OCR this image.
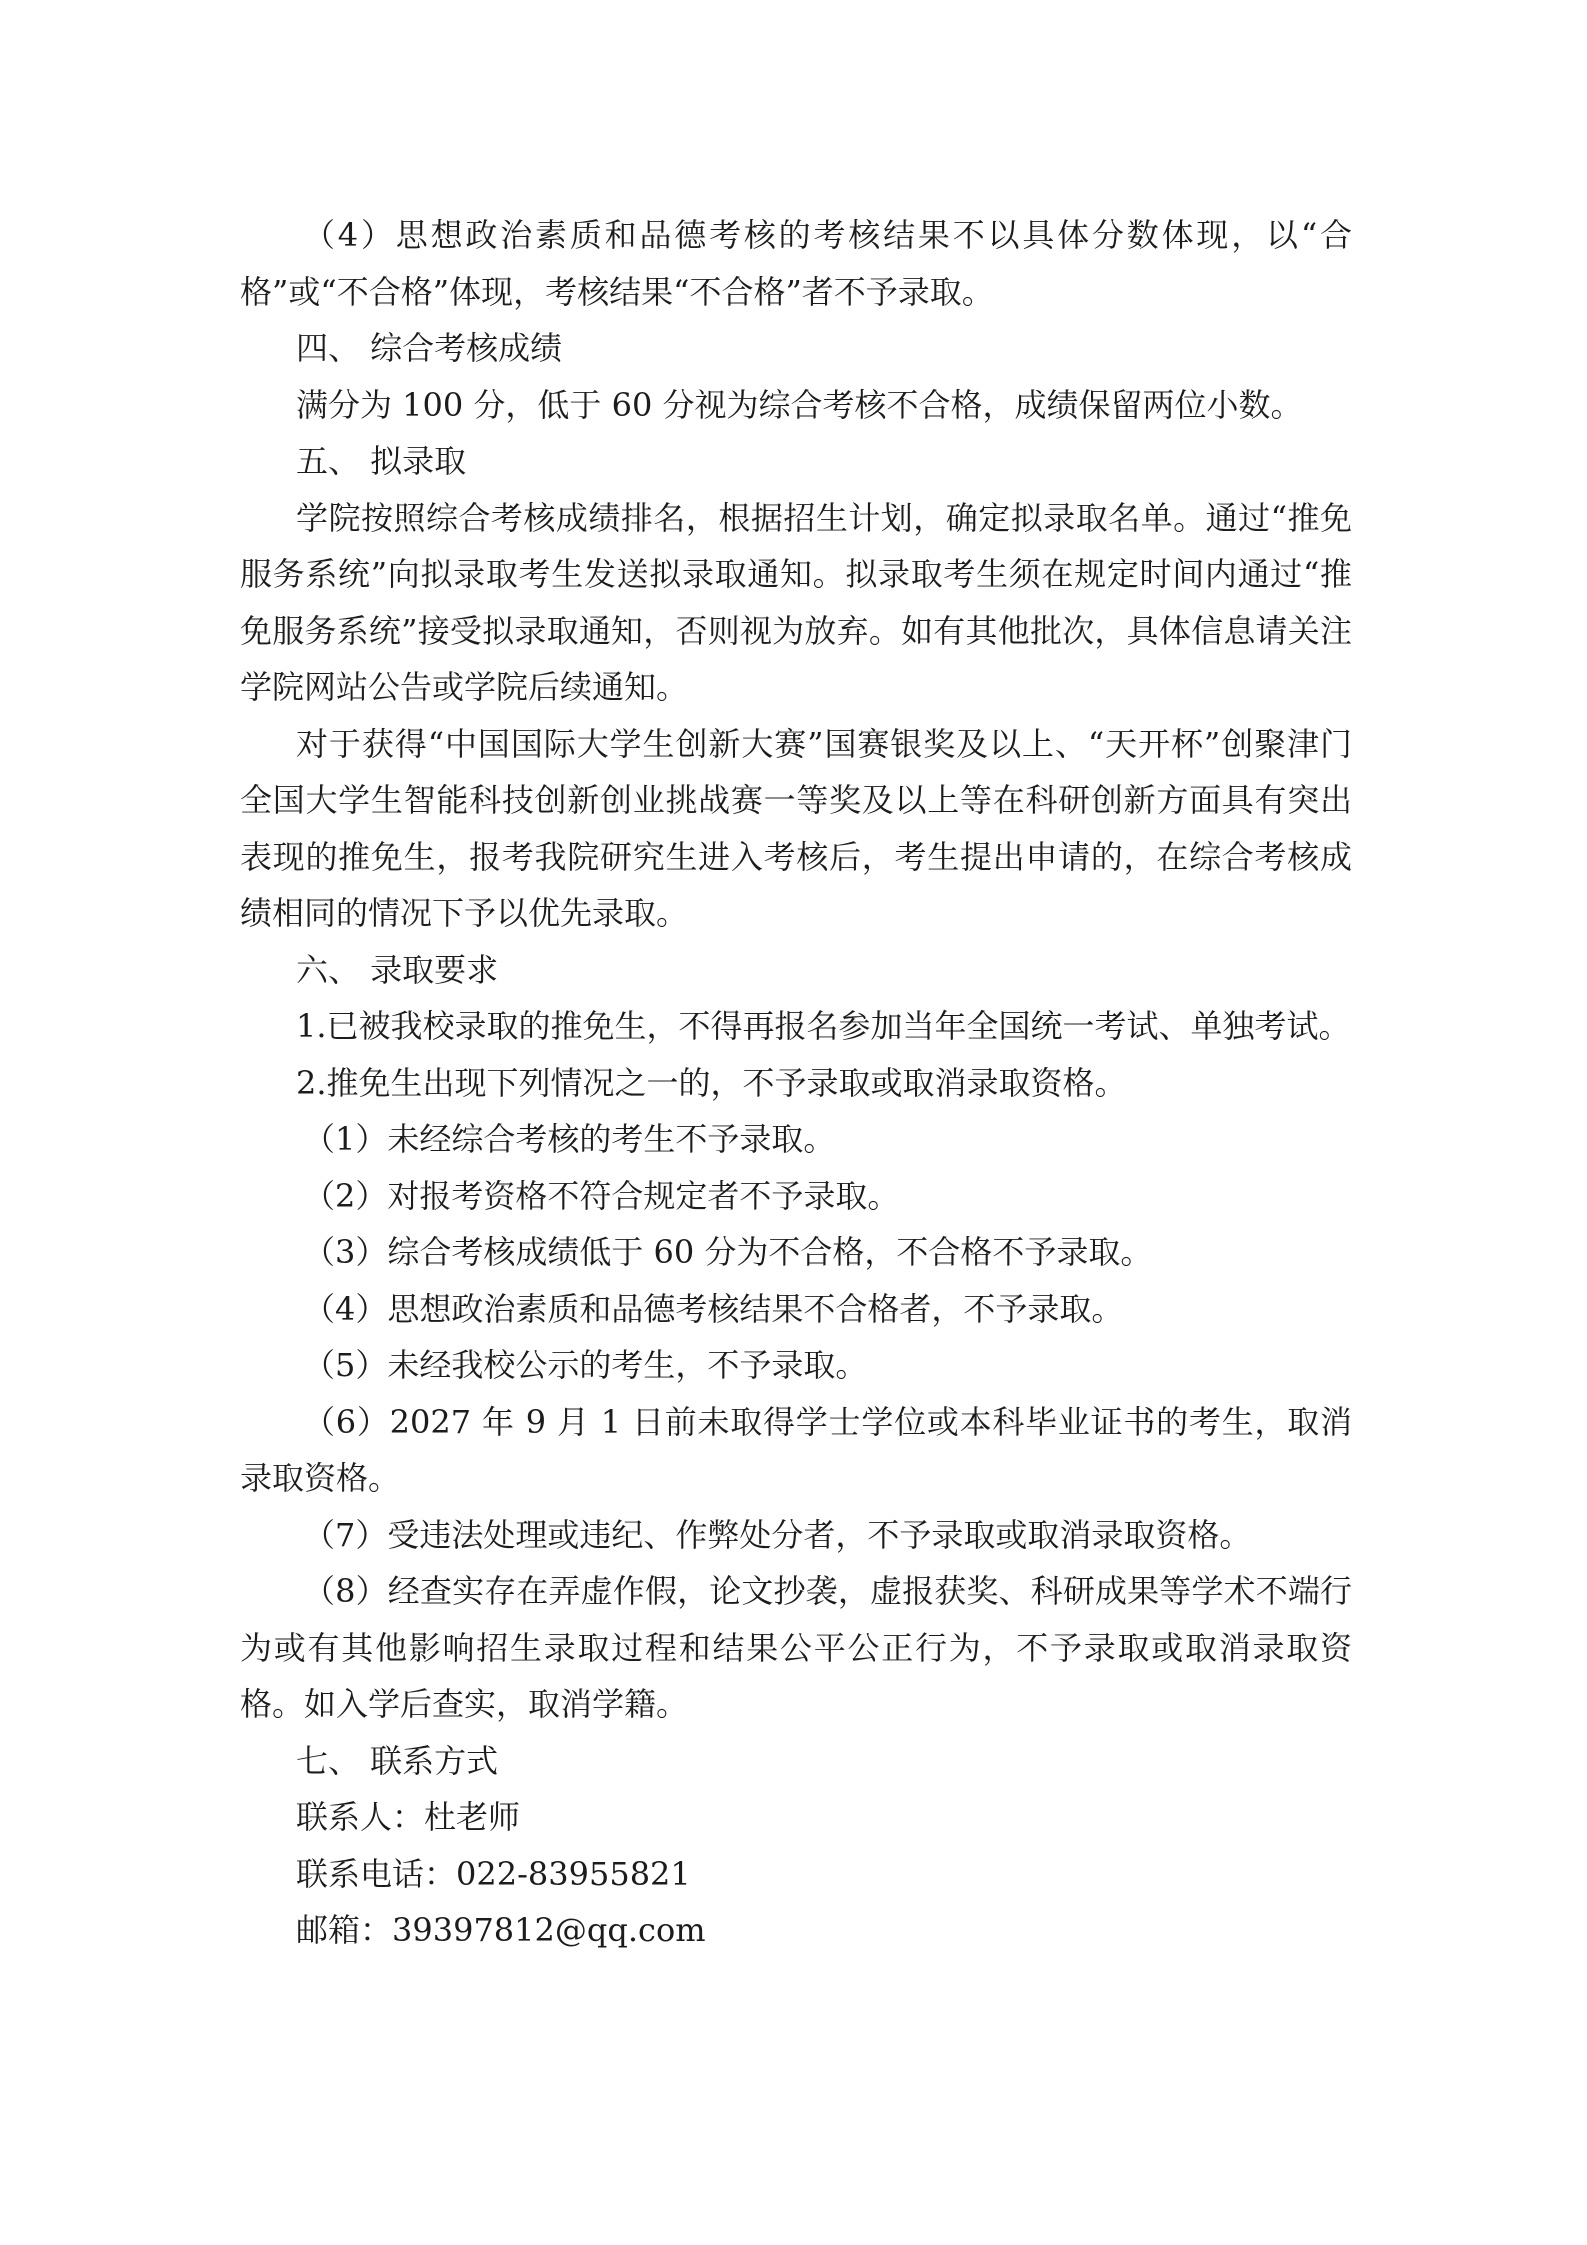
（4）思想政治素质和品德考核的考核结果不以具体分数体现，以“合格”或“不合格”体现，考核结果“不合格”者不予录取。

四、 综合考核成绩

满分为 100 分，低于 60 分视为综合考核不合格，成绩保留两位小数。

五、 拟录取

学院按照综合考核成绩排名，根据招生计划，确定拟录取名单。通过“推免服务系统”向拟录取考生发送拟录取通知。拟录取考生须在规定时间内通过“推免服务系统”接受拟录取通知，否则视为放弃。如有其他批次，具体信息请关注学院网站公告或学院后续通知。

对于获得“中国国际大学生创新大赛”国赛银奖及以上、“天开杯”创聚津门全国大学生智能科技创新创业挑战赛一等奖及以上等在科研创新方面具有突出表现的推免生，报考我院研究生进入考核后，考生提出申请的，在综合考核成绩相同的情况下予以优先录取。

六、 录取要求

1.已被我校录取的推免生，不得再报名参加当年全国统一考试、单独考试。

2.推免生出现下列情况之一的，不予录取或取消录取资格。

（1）未经综合考核的考生不予录取。

（2）对报考资格不符合规定者不予录取。

（3）综合考核成绩低于 60 分为不合格，不合格不予录取。

（4）思想政治素质和品德考核结果不合格者，不予录取。

（5）未经我校公示的考生，不予录取。

（6）2027 年 9 月 1 日前未取得学士学位或本科毕业证书的考生，取消录取资格。

（7）受违法处理或违纪、作弊处分者，不予录取或取消录取资格。

（8）经查实存在弄虚作假，论文抄袭，虚报获奖、科研成果等学术不端行为或有其他影响招生录取过程和结果公平公正行为，不予录取或取消录取资格。如入学后查实，取消学籍。

七、 联系方式

联系人：杜老师

联系电话：022-83955821

邮箱：39397812@qq.com
